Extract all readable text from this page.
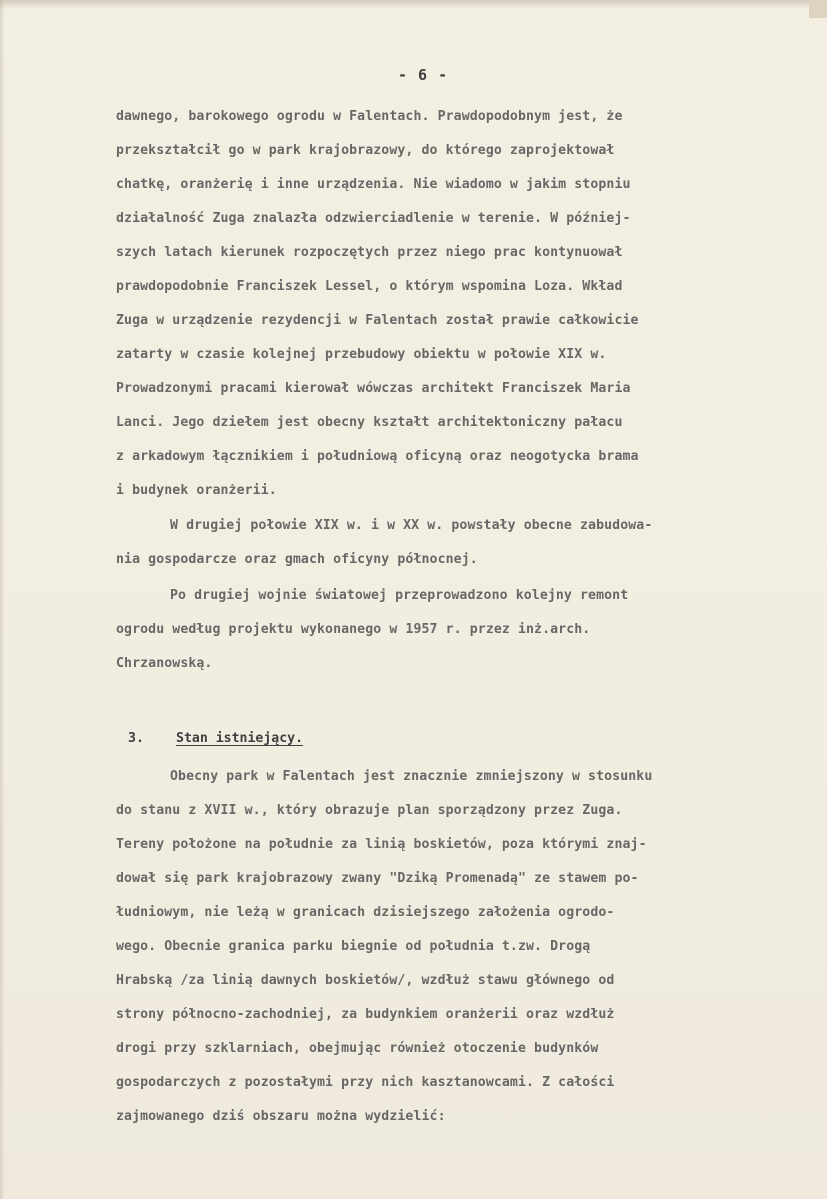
- 6 -
dawnego, barokowego ogrodu w Falentach. Prawdopodobnym jest, że
przekształcił go w park krajobrazowy, do którego zaprojektował
chatkę, oranżerię i inne urządzenia. Nie wiadomo w jakim stopniu
działalność Zuga znalazła odzwierciadlenie w terenie. W później-
szych latach kierunek rozpoczętych przez niego prac kontynuował
prawdopodobnie Franciszek Lessel, o którym wspomina Loza. Wkład
Zuga w urządzenie rezydencji w Falentach został prawie całkowicie
zatarty w czasie kolejnej przebudowy obiektu w połowie XIX w.
Prowadzonymi pracami kierował wówczas architekt Franciszek Maria
Lanci. Jego dziełem jest obecny kształt architektoniczny pałacu
z arkadowym łącznikiem i południową oficyną oraz neogotycka brama
i budynek oranżerii.
W drugiej połowie XIX w. i w XX w. powstały obecne zabudowa-
nia gospodarcze oraz gmach oficyny północnej.
Po drugiej wojnie światowej przeprowadzono kolejny remont
ogrodu według projektu wykonanego w 1957 r. przez inż.arch.
Chrzanowską.
3. Stan istniejący.
Obecny park w Falentach jest znacznie zmniejszony w stosunku
do stanu z XVII w., który obrazuje plan sporządzony przez Zuga.
Tereny położone na południe za linią boskietów, poza którymi znaj-
dował się park krajobrazowy zwany "Dziką Promenadą" ze stawem po-
łudniowym, nie leżą w granicach dzisiejszego założenia ogrodo-
wego. Obecnie granica parku biegnie od południa t.zw. Drogą
Hrabską /za linią dawnych boskietów/, wzdłuż stawu głównego od
strony północno-zachodniej, za budynkiem oranżerii oraz wzdłuż
drogi przy szklarniach, obejmując również otoczenie budynków
gospodarczych z pozostałymi przy nich kasztanowcami. Z całości
zajmowanego dziś obszaru można wydzielić:
